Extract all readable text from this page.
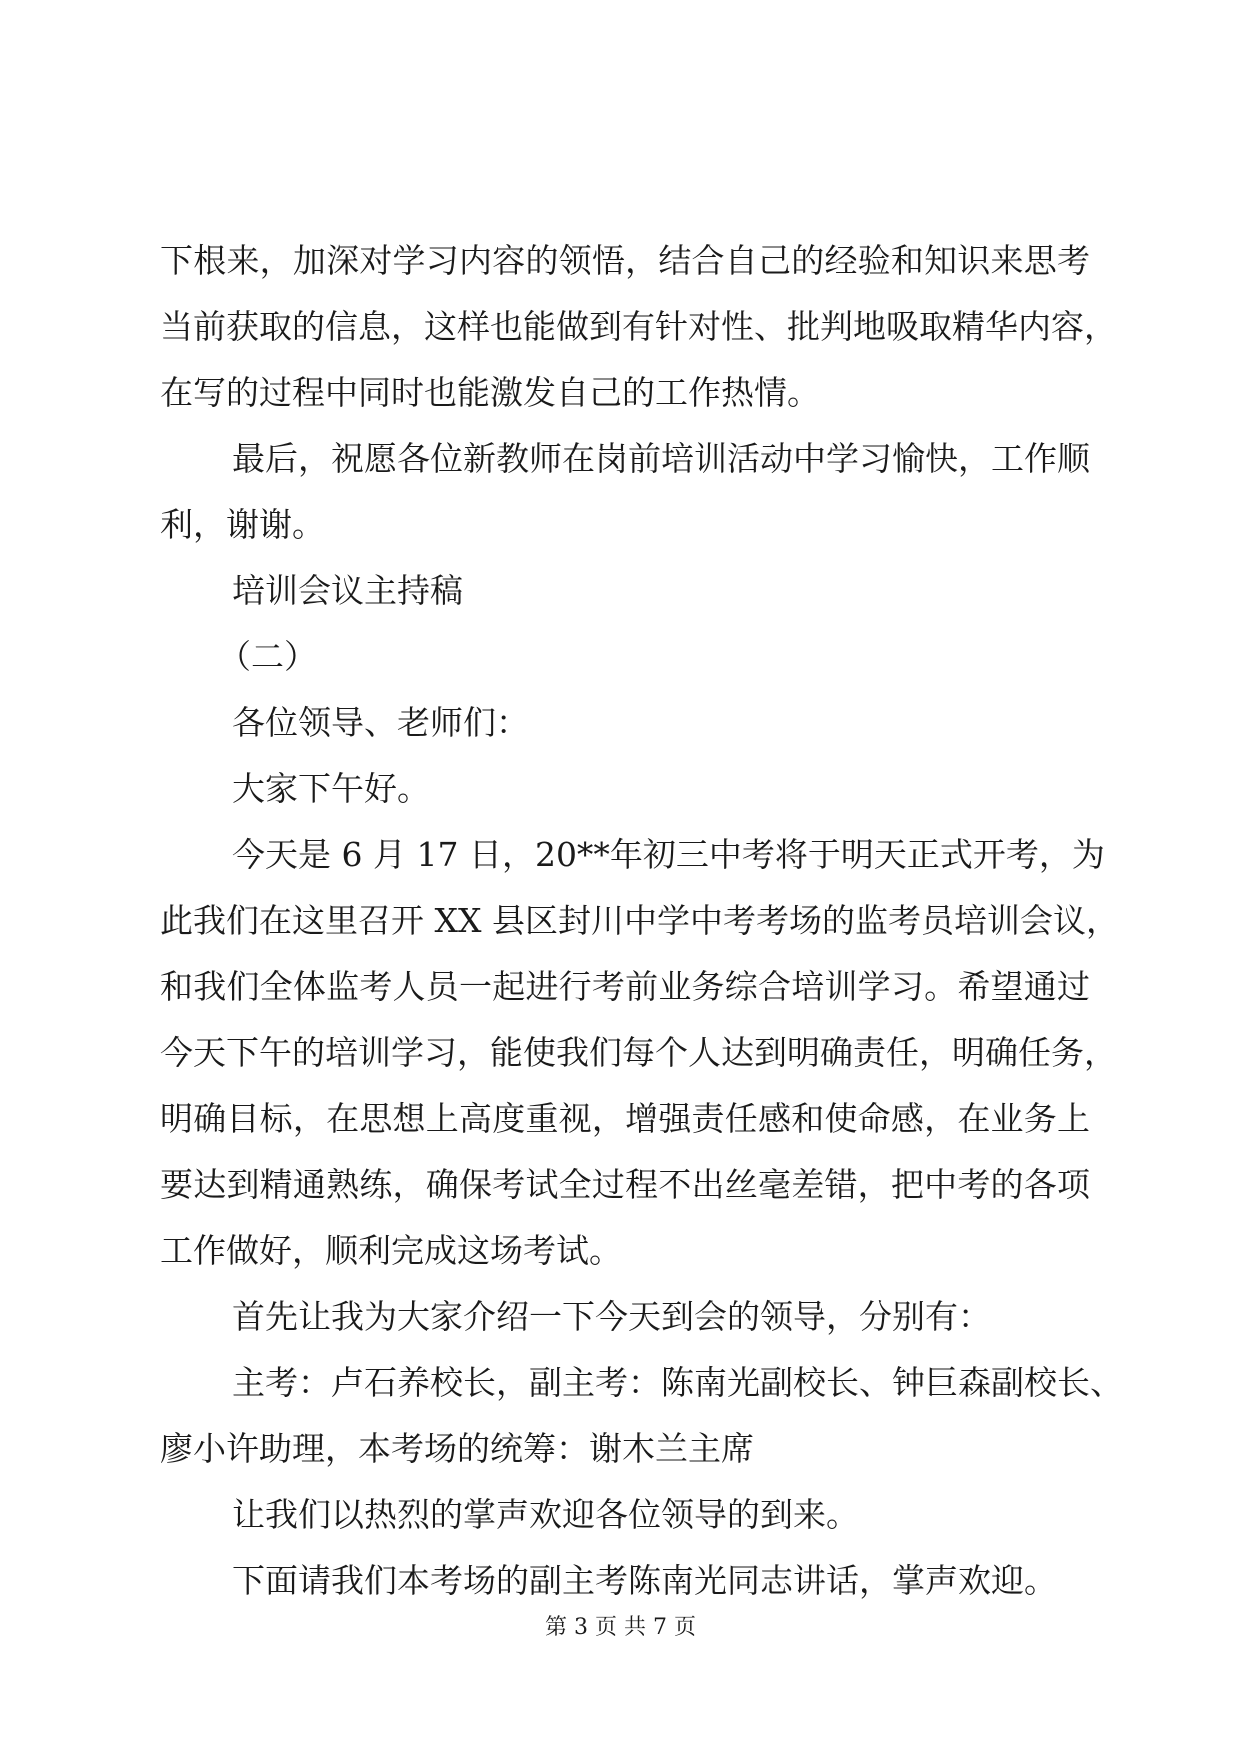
下根来，加深对学习内容的领悟，结合自己的经验和知识来思考
当前获取的信息，这样也能做到有针对性、批判地吸取精华内容，
在写的过程中同时也能激发自己的工作热情。
最后，祝愿各位新教师在岗前培训活动中学习愉快，工作顺
利，谢谢。
培训会议主持稿
（二）
各位领导、老师们：
大家下午好。
今天是 6 月 17 日，20**年初三中考将于明天正式开考，为
此我们在这里召开 XX 县区封川中学中考考场的监考员培训会议，
和我们全体监考人员一起进行考前业务综合培训学习。希望通过
今天下午的培训学习，能使我们每个人达到明确责任，明确任务，
明确目标，在思想上高度重视，增强责任感和使命感，在业务上
要达到精通熟练，确保考试全过程不出丝毫差错，把中考的各项
工作做好，顺利完成这场考试。
首先让我为大家介绍一下今天到会的领导，分别有：
主考：卢石养校长，副主考：陈南光副校长、钟巨森副校长、
廖小许助理，本考场的统筹：谢木兰主席
让我们以热烈的掌声欢迎各位领导的到来。
下面请我们本考场的副主考陈南光同志讲话，掌声欢迎。
第 3 页 共 7 页
